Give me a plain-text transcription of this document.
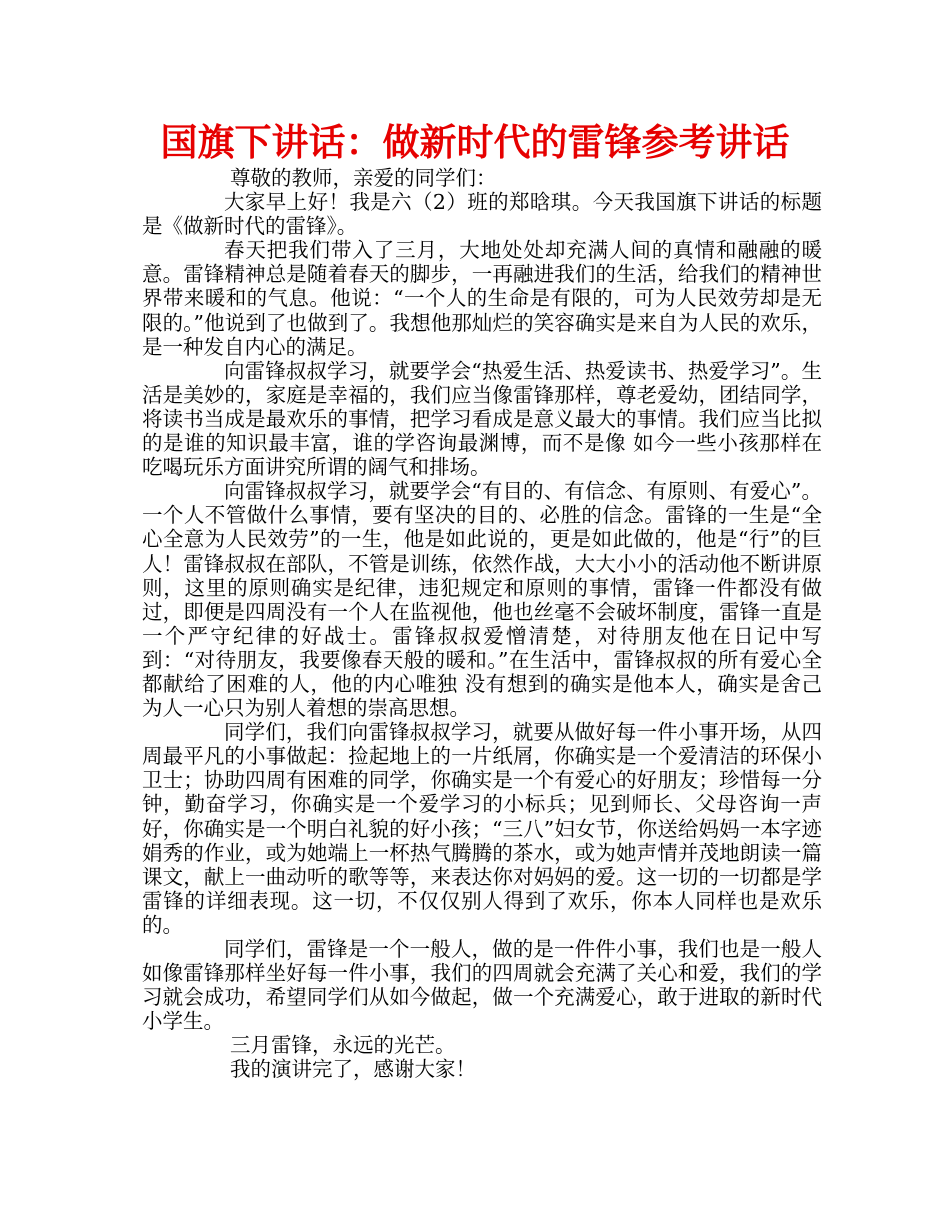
国旗下讲话：做新时代的雷锋参考讲话

尊敬的教师，亲爱的同学们：

大家早上好！我是六（2）班的郑晗琪。今天我国旗下讲话的标题是《做新时代的雷锋》。

春天把我们带入了三月，大地处处却充满人间的真情和融融的暖意。雷锋精神总是随着春天的脚步，一再融进我们的生活，给我们的精神世界带来暖和的气息。他说：“一个人的生命是有限的，可为人民效劳却是无限的。”他说到了也做到了。我想他那灿烂的笑容确实是来自为人民的欢乐，是一种发自内心的满足。

向雷锋叔叔学习，就要学会“热爱生活、热爱读书、热爱学习”。生活是美妙的，家庭是幸福的，我们应当像雷锋那样，尊老爱幼，团结同学，将读书当成是最欢乐的事情，把学习看成是意义最大的事情。我们应当比拟的是谁的知识最丰富，谁的学咨询最渊博，而不是像 如今一些小孩那样在吃喝玩乐方面讲究所谓的阔气和排场。

向雷锋叔叔学习，就要学会“有目的、有信念、有原则、有爱心”。一个人不管做什么事情，要有坚决的目的、必胜的信念。雷锋的一生是“全心全意为人民效劳”的一生，他是如此说的，更是如此做的，他是“行”的巨人！雷锋叔叔在部队，不管是训练，依然作战，大大小小的活动他不断讲原则，这里的原则确实是纪律，违犯规定和原则的事情，雷锋一件都没有做过，即便是四周没有一个人在监视他，他也丝毫不会破坏制度，雷锋一直是一个严守纪律的好战士。雷锋叔叔爱憎清楚，对待朋友他在日记中写到：“对待朋友，我要像春天般的暖和。”在生活中，雷锋叔叔的所有爱心全都献给了困难的人，他的内心唯独 没有想到的确实是他本人，确实是舍己为人一心只为别人着想的崇高思想。

同学们，我们向雷锋叔叔学习，就要从做好每一件小事开场，从四周最平凡的小事做起：捡起地上的一片纸屑，你确实是一个爱清洁的环保小卫士；协助四周有困难的同学，你确实是一个有爱心的好朋友；珍惜每一分钟，勤奋学习，你确实是一个爱学习的小标兵；见到师长、父母咨询一声好，你确实是一个明白礼貌的好小孩；“三八”妇女节，你送给妈妈一本字迹娟秀的作业，或为她端上一杯热气腾腾的茶水，或为她声情并茂地朗读一篇课文，献上一曲动听的歌等等，来表达你对妈妈的爱。这一切的一切都是学雷锋的详细表现。这一切，不仅仅别人得到了欢乐，你本人同样也是欢乐的。

同学们，雷锋是一个一般人，做的是一件件小事，我们也是一般人如像雷锋那样坐好每一件小事，我们的四周就会充满了关心和爱，我们的学习就会成功，希望同学们从如今做起，做一个充满爱心，敢于进取的新时代小学生。

三月雷锋，永远的光芒。

我的演讲完了，感谢大家！
